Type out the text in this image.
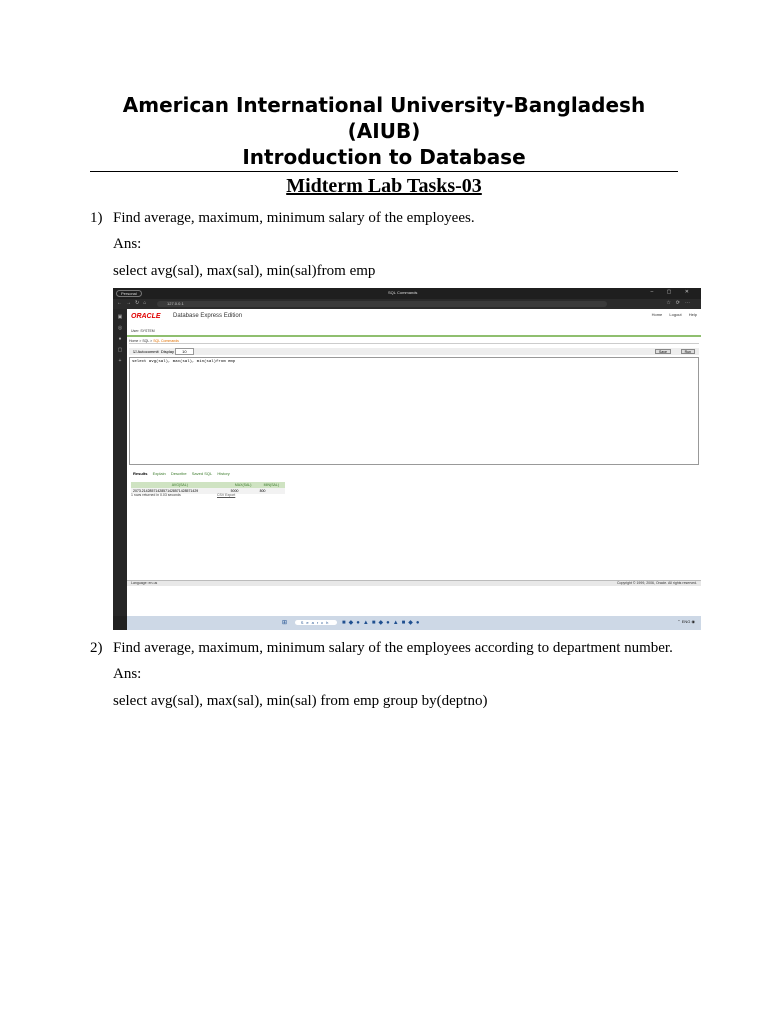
American International University-Bangladesh
(AIUB)
Introduction to Database
Midterm Lab Tasks-03
1) Find average, maximum, minimum salary of the employees.
Ans:
select avg(sal), max(sal), min(sal)from emp
Personal	SQL Commands	– ▢ ✕
←→↻⌂	127.0.0.1	☆⟳⋯
▣
◎
●
▢
+
ORACLE Database Express Edition
User: SYSTEM
Home Logout Help
Home > SQL > SQL Commands
☑ Autocommit Display 10	Save	Run
select avg(sal), max(sal), min(sal)from emp
Results Explain Describe Saved SQL History
AVG(SAL)	MAX(SAL)	MIN(SAL)
2073.21428571428571428571428571429	5000	800
1 rows returned in 0.03 seconds	CSV Export
Language: en-us	Copyright © 1999, 2006, Oracle. All rights reserved.
⊞ Search ■◆●▲■◆●▲■◆●	⌃ ENG ◉
2) Find average, maximum, minimum salary of the employees according to department number.
Ans:
select avg(sal), max(sal), min(sal) from emp group by(deptno)
